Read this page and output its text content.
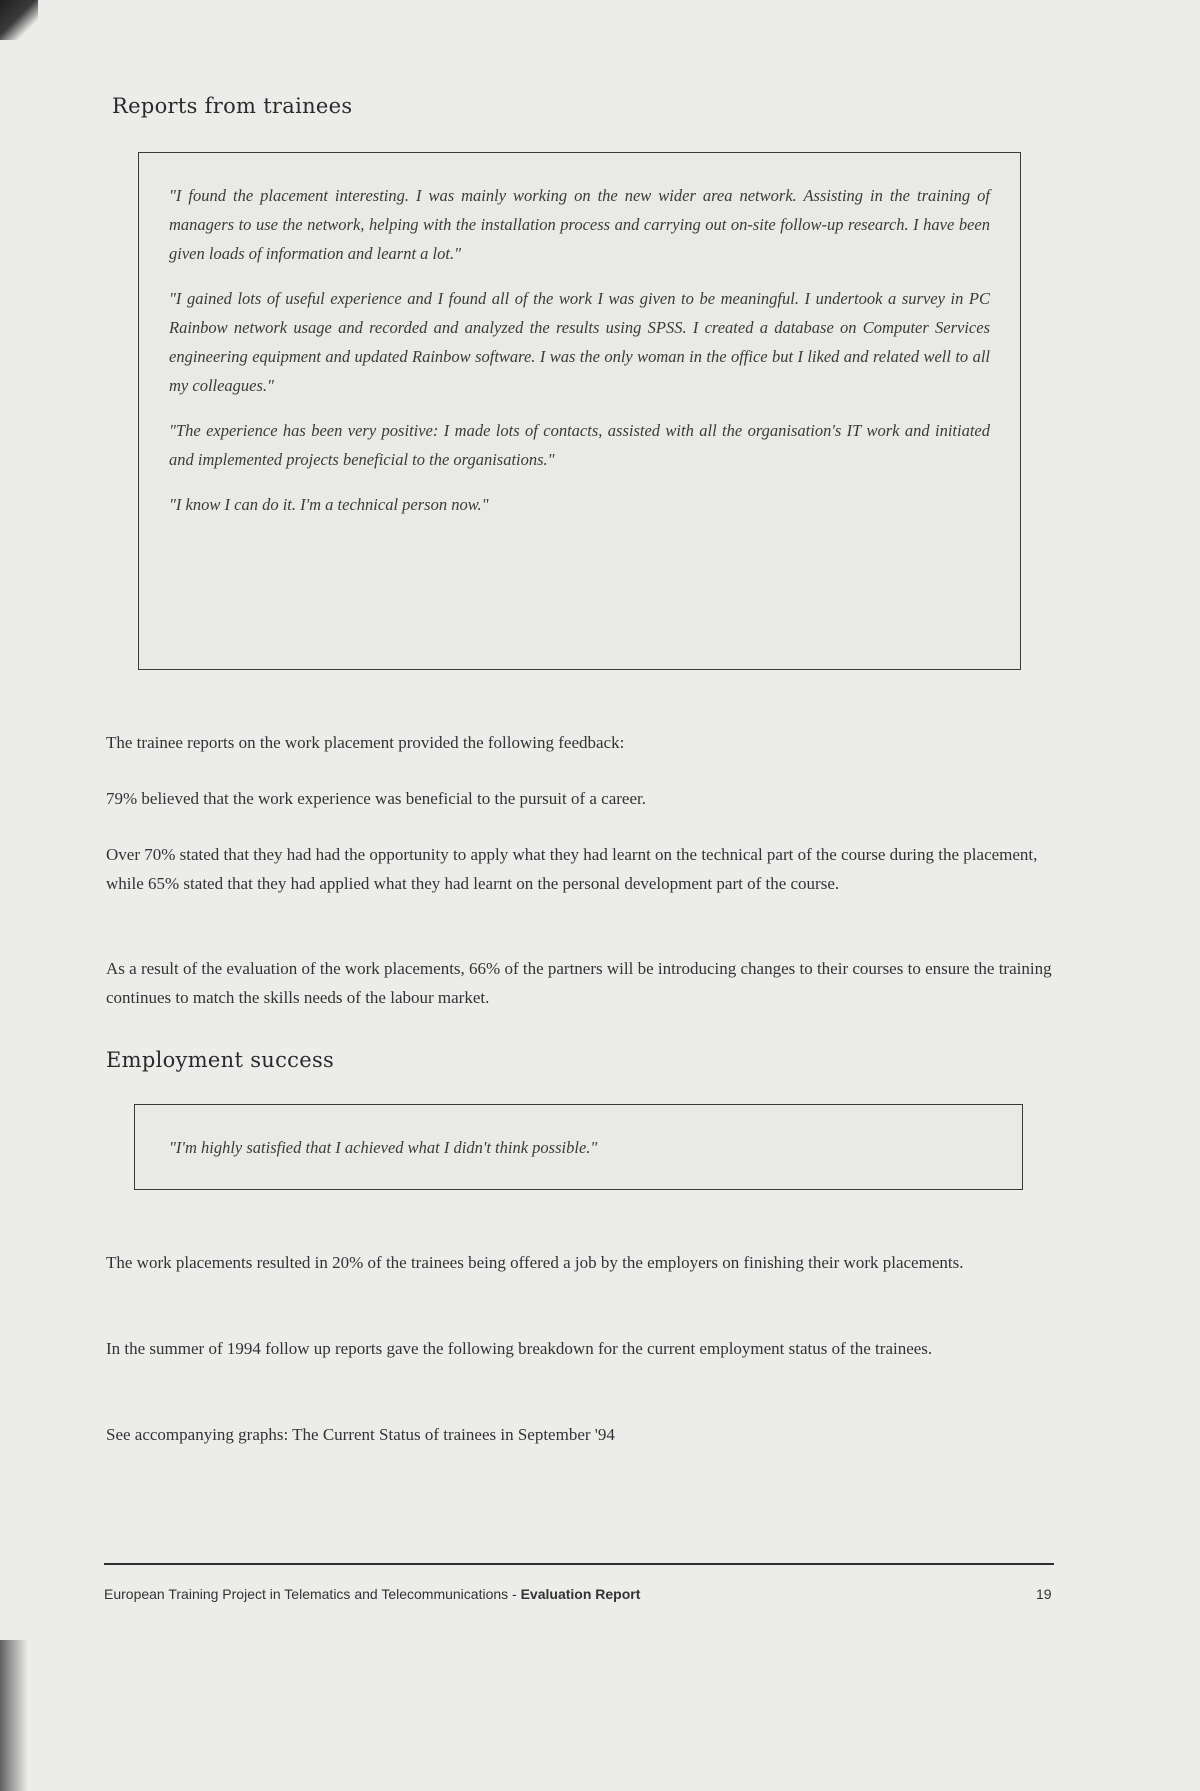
Reports from trainees

"I found the placement interesting. I was mainly working on the new wider area network. Assisting in the training of managers to use the network, helping with the installation process and carrying out on-site follow-up research. I have been given loads of information and learnt a lot."

"I gained lots of useful experience and I found all of the work I was given to be meaningful. I undertook a survey in PC Rainbow network usage and recorded and analyzed the results using SPSS. I created a database on Computer Services engineering equipment and updated Rainbow software. I was the only woman in the office but I liked and related well to all my colleagues."

"The experience has been very positive: I made lots of contacts, assisted with all the organisation's IT work and initiated and implemented projects beneficial to the organisations."

"I know I can do it. I'm a technical person now."

The trainee reports on the work placement provided the following feedback:

79% believed that the work experience was beneficial to the pursuit of a career.

Over 70% stated that they had had the opportunity to apply what they had learnt on the technical part of the course during the placement, while 65% stated that they had applied what they had learnt on the personal development part of the course.

As a result of the evaluation of the work placements, 66% of the partners will be introducing changes to their courses to ensure the training continues to match the skills needs of the labour market.

Employment success

"I'm highly satisfied that I achieved what I didn't think possible."

The work placements resulted in 20% of the trainees being offered a job by the employers on finishing their work placements.

In the summer of 1994 follow up reports gave the following breakdown for the current employment status of the trainees.

See accompanying graphs: The Current Status of trainees in September '94

European Training Project in Telematics and Telecommunications - Evaluation Report	19
